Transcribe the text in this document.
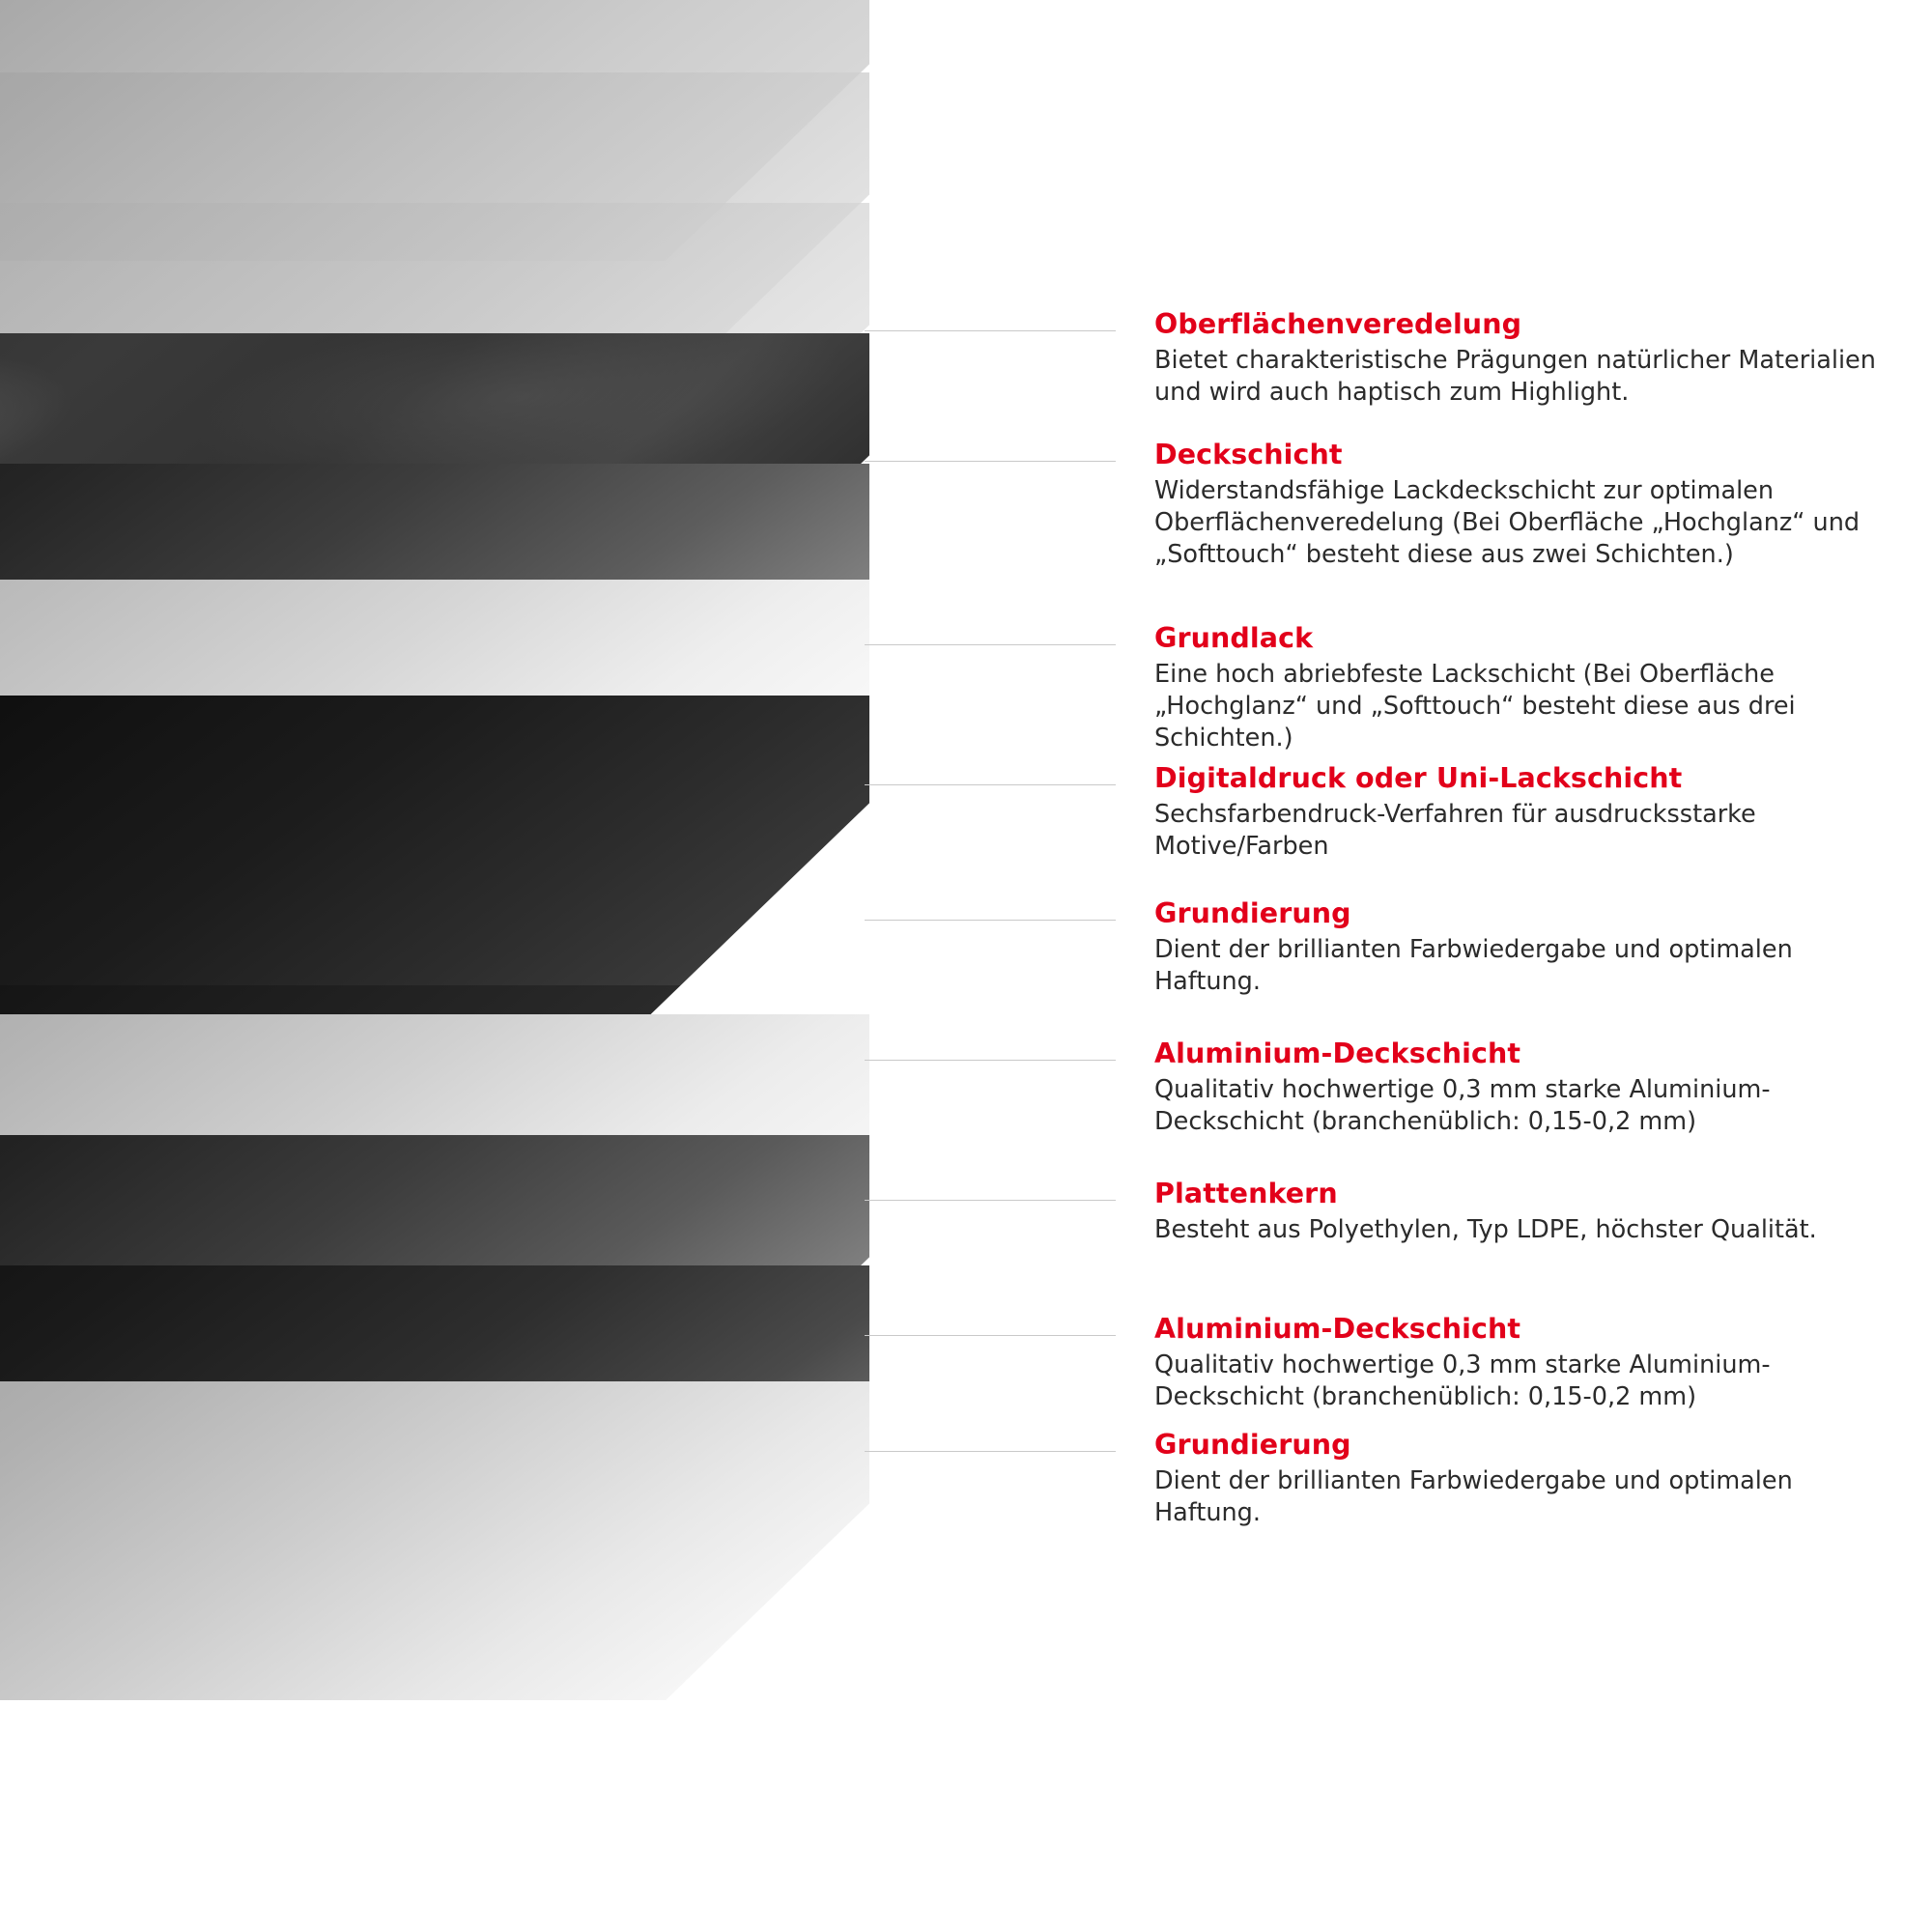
Oberflächenveredelung
Bietet charakteristische Prägungen natürlicher Materialien und wird auch haptisch zum Highlight.
Deckschicht
Widerstandsfähige Lackdeckschicht zur optimalen Oberflächenveredelung (Bei Oberfläche „Hochglanz“ und „Softtouch“ besteht diese aus zwei Schichten.)
Grundlack
Eine hoch abriebfeste Lackschicht (Bei Oberfläche „Hochglanz“ und „Softtouch“ besteht diese aus drei Schichten.)
Digitaldruck oder Uni-Lackschicht
Sechsfarbendruck-Verfahren für ausdrucksstarke Motive/Farben
Grundierung
Dient der brillianten Farbwiedergabe und optimalen Haftung.
Aluminium-Deckschicht
Qualitativ hochwertige 0,3 mm starke Aluminium-Deckschicht (branchenüblich: 0,15-0,2 mm)
Plattenkern
Besteht aus Polyethylen, Typ LDPE, höchster Qualität.
Aluminium-Deckschicht
Qualitativ hochwertige 0,3 mm starke Aluminium-Deckschicht (branchenüblich: 0,15-0,2 mm)
Grundierung
Dient der brillianten Farbwiedergabe und optimalen Haftung.
